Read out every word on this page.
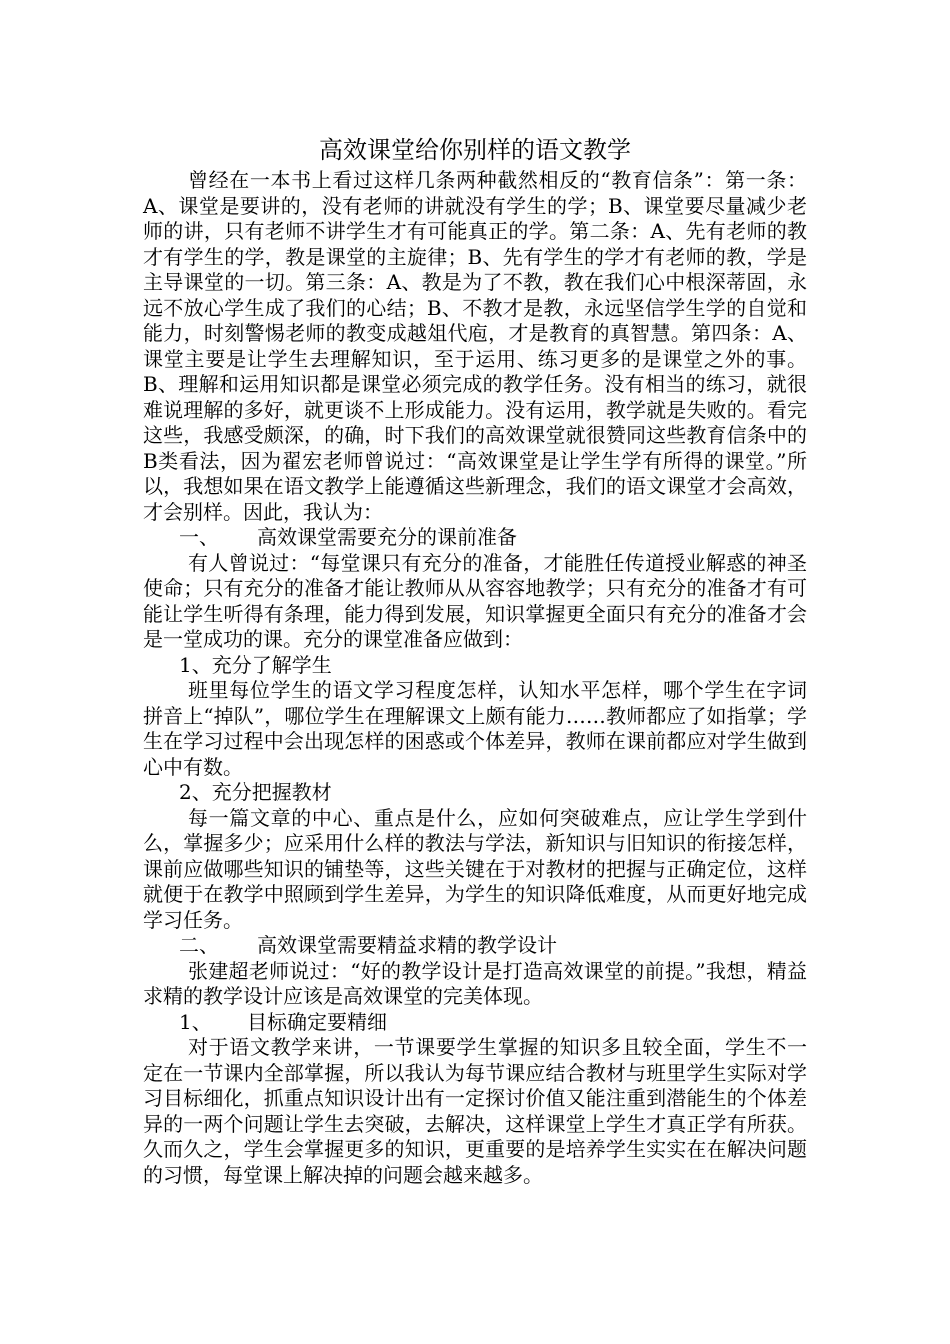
高效课堂给你别样的语文教学

曾经在一本书上看过这样几条两种截然相反的“教育信条”：第一条：A、课堂是要讲的，没有老师的讲就没有学生的学；B、课堂要尽量减少老师的讲，只有老师不讲学生才有可能真正的学。第二条：A、先有老师的教才有学生的学，教是课堂的主旋律；B、先有学生的学才有老师的教，学是主导课堂的一切。第三条：A、教是为了不教，教在我们心中根深蒂固，永远不放心学生成了我们的心结；B、不教才是教，永远坚信学生学的自觉和能力，时刻警惕老师的教变成越俎代庖，才是教育的真智慧。第四条：A、课堂主要是让学生去理解知识，至于运用、练习更多的是课堂之外的事。B、理解和运用知识都是课堂必须完成的教学任务。没有相当的练习，就很难说理解的多好，就更谈不上形成能力。没有运用，教学就是失败的。看完这些，我感受颇深，的确，时下我们的高效课堂就很赞同这些教育信条中的B类看法，因为翟宏老师曾说过：“高效课堂是让学生学有所得的课堂。”所以，我想如果在语文教学上能遵循这些新理念，我们的语文课堂才会高效，才会别样。因此，我认为：

一、 高效课堂需要充分的课前准备

有人曾说过：“每堂课只有充分的准备，才能胜任传道授业解惑的神圣使命；只有充分的准备才能让教师从从容容地教学；只有充分的准备才有可能让学生听得有条理，能力得到发展，知识掌握更全面只有充分的准备才会是一堂成功的课。充分的课堂准备应做到：

1、充分了解学生

班里每位学生的语文学习程度怎样，认知水平怎样，哪个学生在字词拼音上“掉队”，哪位学生在理解课文上颇有能力……教师都应了如指掌；学生在学习过程中会出现怎样的困惑或个体差异，教师在课前都应对学生做到心中有数。

2、充分把握教材

每一篇文章的中心、重点是什么，应如何突破难点，应让学生学到什么，掌握多少；应采用什么样的教法与学法，新知识与旧知识的衔接怎样，课前应做哪些知识的铺垫等，这些关键在于对教材的把握与正确定位，这样就便于在教学中照顾到学生差异，为学生的知识降低难度，从而更好地完成学习任务。

二、 高效课堂需要精益求精的教学设计

张建超老师说过：“好的教学设计是打造高效课堂的前提。”我想，精益求精的教学设计应该是高效课堂的完美体现。

1、 目标确定要精细

对于语文教学来讲，一节课要学生掌握的知识多且较全面，学生不一定在一节课内全部掌握，所以我认为每节课应结合教材与班里学生实际对学习目标细化，抓重点知识设计出有一定探讨价值又能注重到潜能生的个体差异的一两个问题让学生去突破，去解决，这样课堂上学生才真正学有所获。久而久之，学生会掌握更多的知识，更重要的是培养学生实实在在解决问题的习惯，每堂课上解决掉的问题会越来越多。
